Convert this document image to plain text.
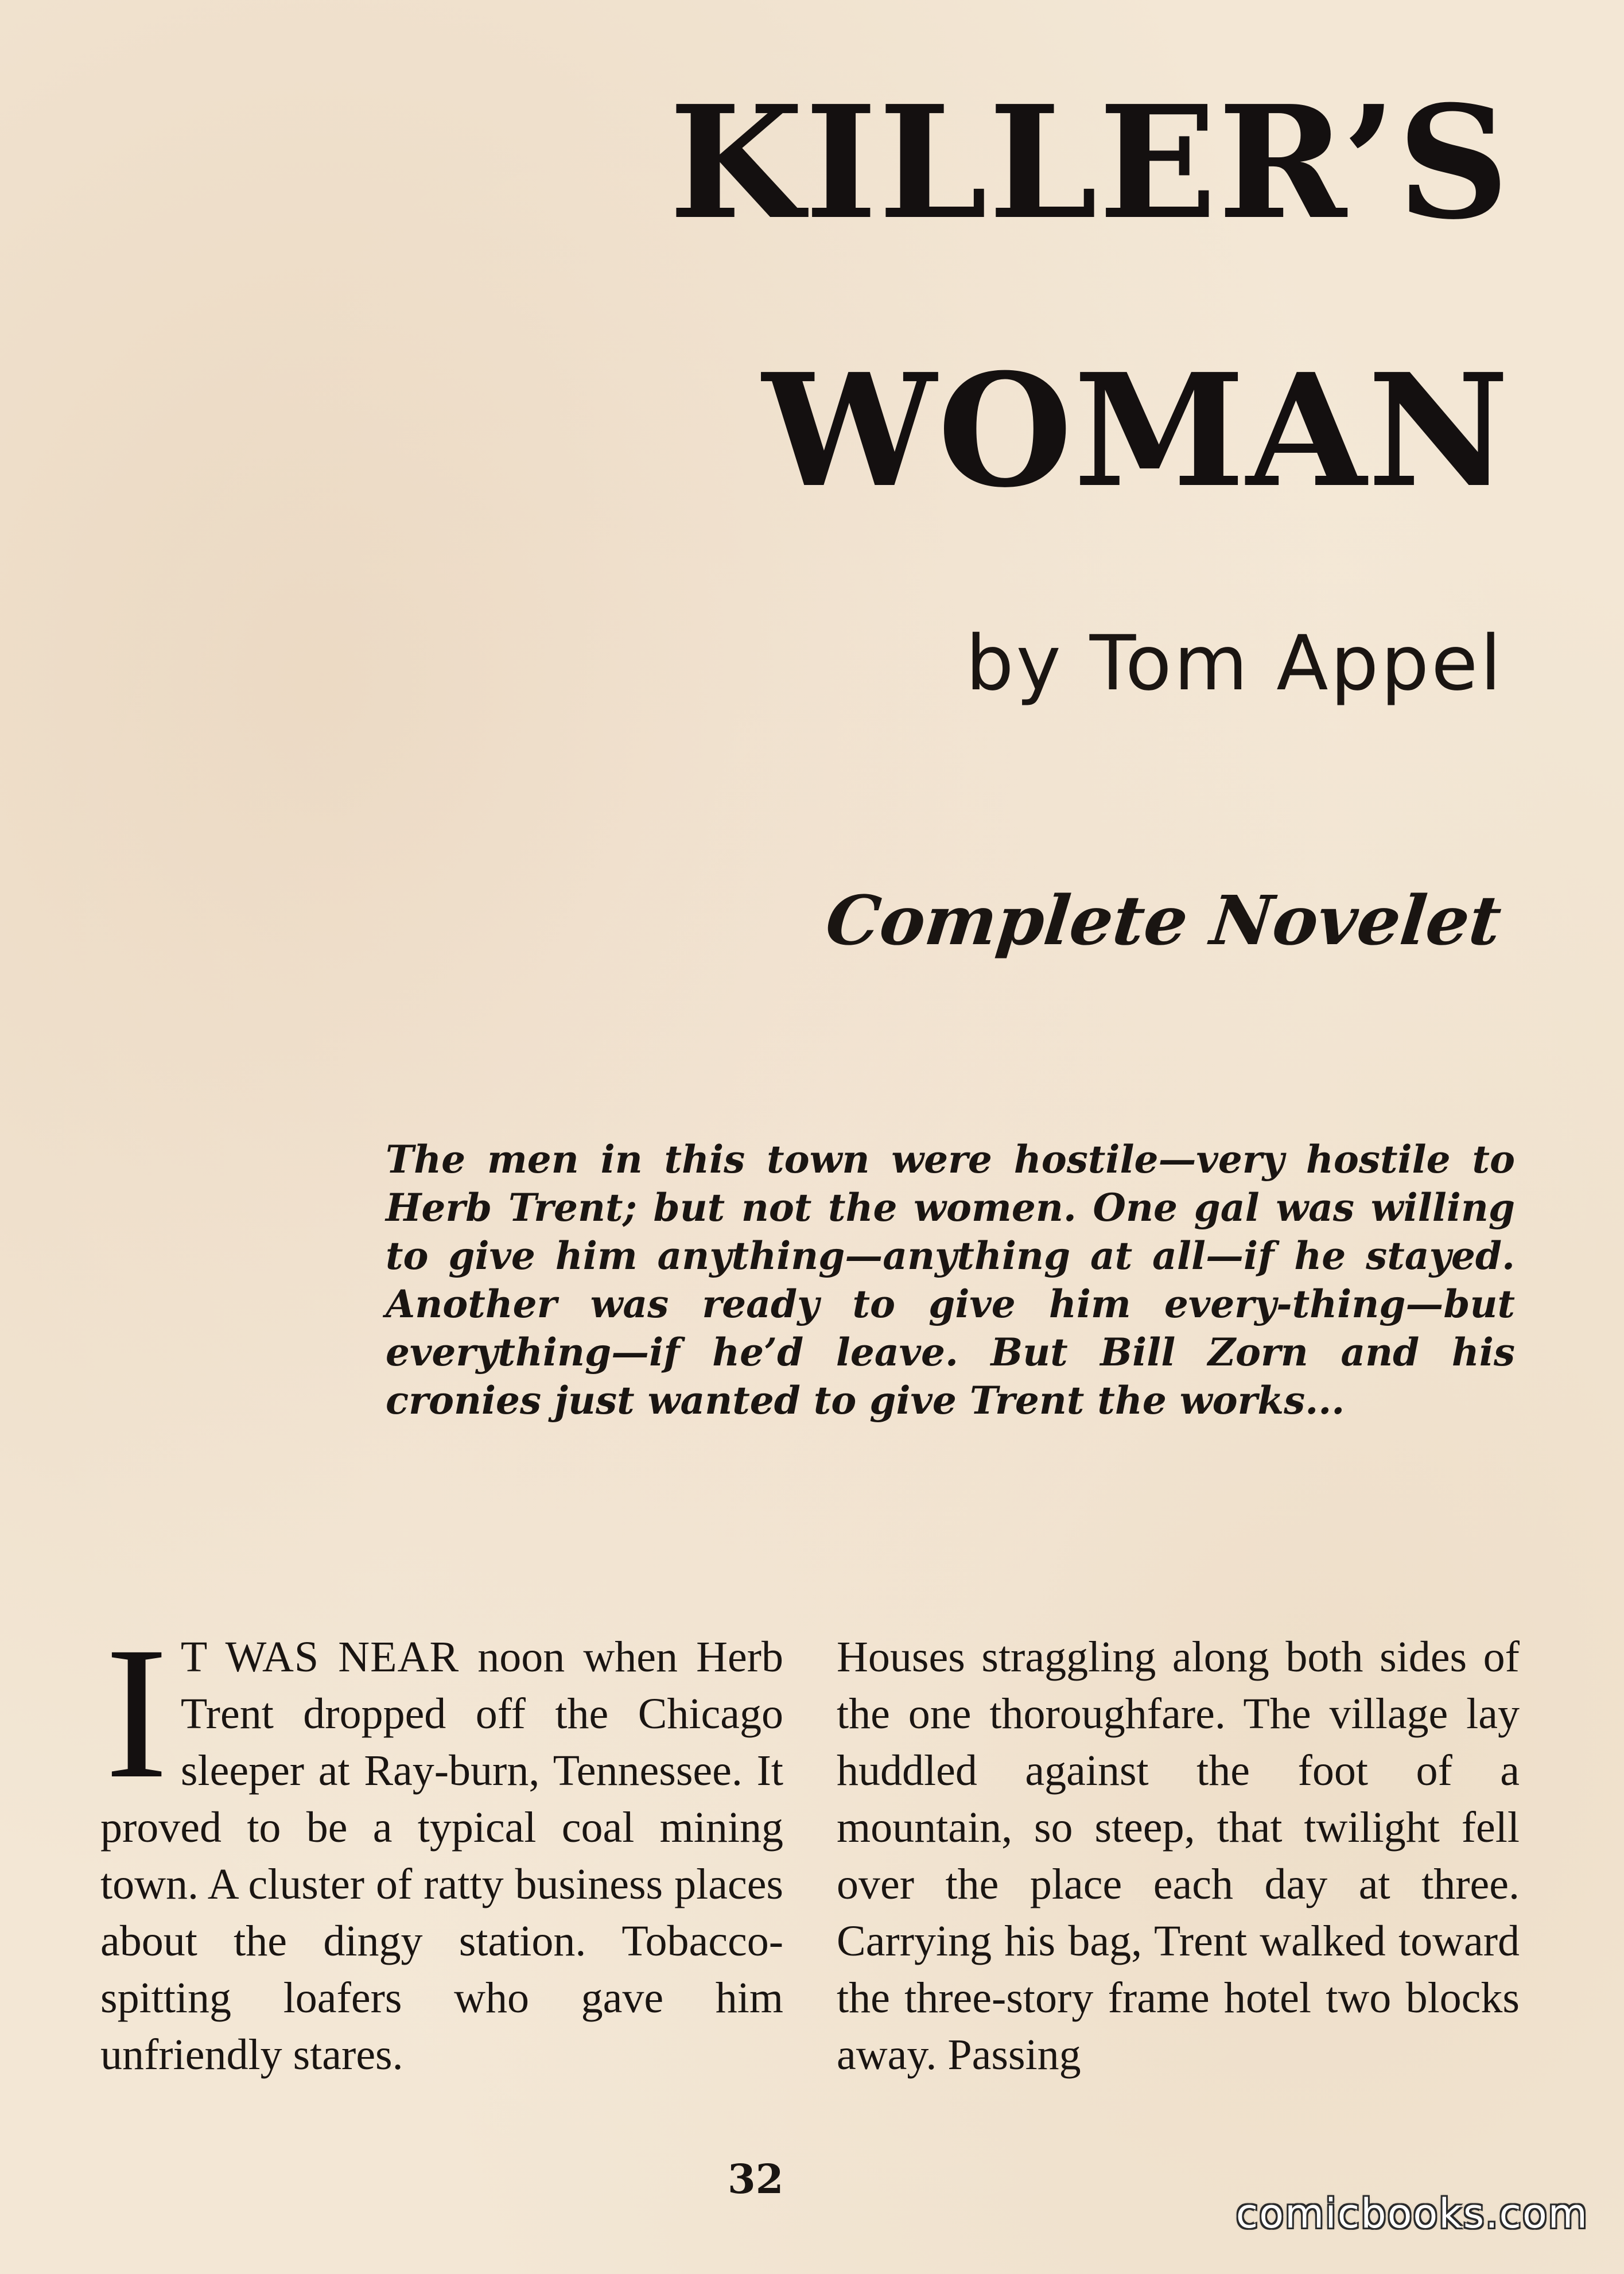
KILLER’S
WOMAN
by Tom Appel
Complete Novelet

The men in this town were hostile—very hostile to Herb Trent; but not the women. One gal was willing to give him anything—anything at all—if he stayed. Another was ready to give him every-thing—but everything—if he’d leave. But Bill Zorn and his cronies just wanted to give Trent the works...

I T WAS NEAR noon when Herb Trent dropped off the Chicago sleeper at Ray-burn, Tennessee. It proved to be a typical coal mining town. A cluster of ratty business places about the dingy station. Tobacco-spitting loafers who gave him unfriendly stares.
Houses straggling along both sides of the one thoroughfare. The village lay huddled against the foot of a mountain, so steep, that twilight fell over the place each day at three. Carrying his bag, Trent walked toward the three-story frame hotel two blocks away. Passing
32
comicbooks.com
